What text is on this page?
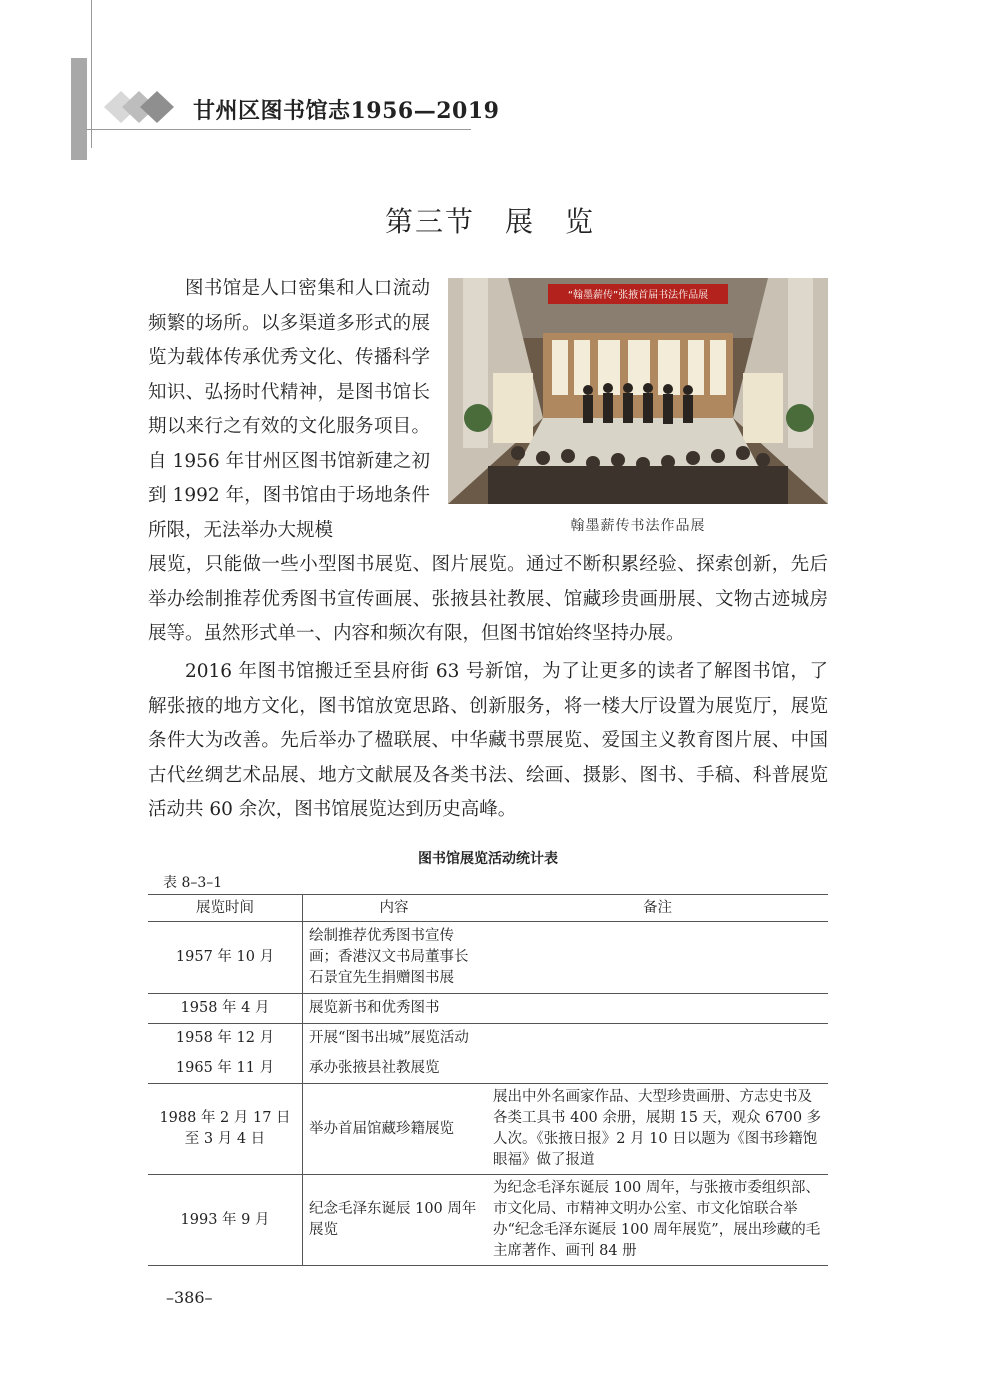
甘州区图书馆志1956—2019
第三节　展　览

图书馆是人口密集和人口流动频繁的场所。以多渠道多形式的展览为载体传承优秀文化、传播科学知识、弘扬时代精神，是图书馆长期以来行之有效的文化服务项目。自 1956 年甘州区图书馆新建之初到 1992 年，图书馆由于场地条件所限，无法举办大规模

“翰墨薪传”张掖首届书法作品展
翰墨薪传书法作品展

展览，只能做一些小型图书展览、图片展览。通过不断积累经验、探索创新，先后举办绘制推荐优秀图书宣传画展、张掖县社教展、馆藏珍贵画册展、文物古迹城房展等。虽然形式单一、内容和频次有限，但图书馆始终坚持办展。

2016 年图书馆搬迁至县府街 63 号新馆，为了让更多的读者了解图书馆，了解张掖的地方文化，图书馆放宽思路、创新服务，将一楼大厅设置为展览厅，展览条件大为改善。先后举办了楹联展、中华藏书票展览、爱国主义教育图片展、中国古代丝绸艺术品展、地方文献展及各类书法、绘画、摄影、图书、手稿、科普展览活动共 60 余次，图书馆展览达到历史高峰。

图书馆展览活动统计表
表 8–3–1
展览时间	内容	备注
1957 年 10 月	绘制推荐优秀图书宣传画；香港汉文书局董事长石景宜先生捐赠图书展	
1958 年 4 月	展览新书和优秀图书	
1958 年 12 月	开展“图书出城”展览活动	
1965 年 11 月	承办张掖县社教展览	
1988 年 2 月 17 日至 3 月 4 日	举办首届馆藏珍籍展览	展出中外名画家作品、大型珍贵画册、方志史书及各类工具书 400 余册，展期 15 天，观众 6700 多人次。《张掖日报》2 月 10 日以题为《图书珍籍饱眼福》做了报道
1993 年 9 月	纪念毛泽东诞辰 100 周年展览	为纪念毛泽东诞辰 100 周年，与张掖市委组织部、市文化局、市精神文明办公室、市文化馆联合举办“纪念毛泽东诞辰 100 周年展览”，展出珍藏的毛主席著作、画刊 84 册
–386–
